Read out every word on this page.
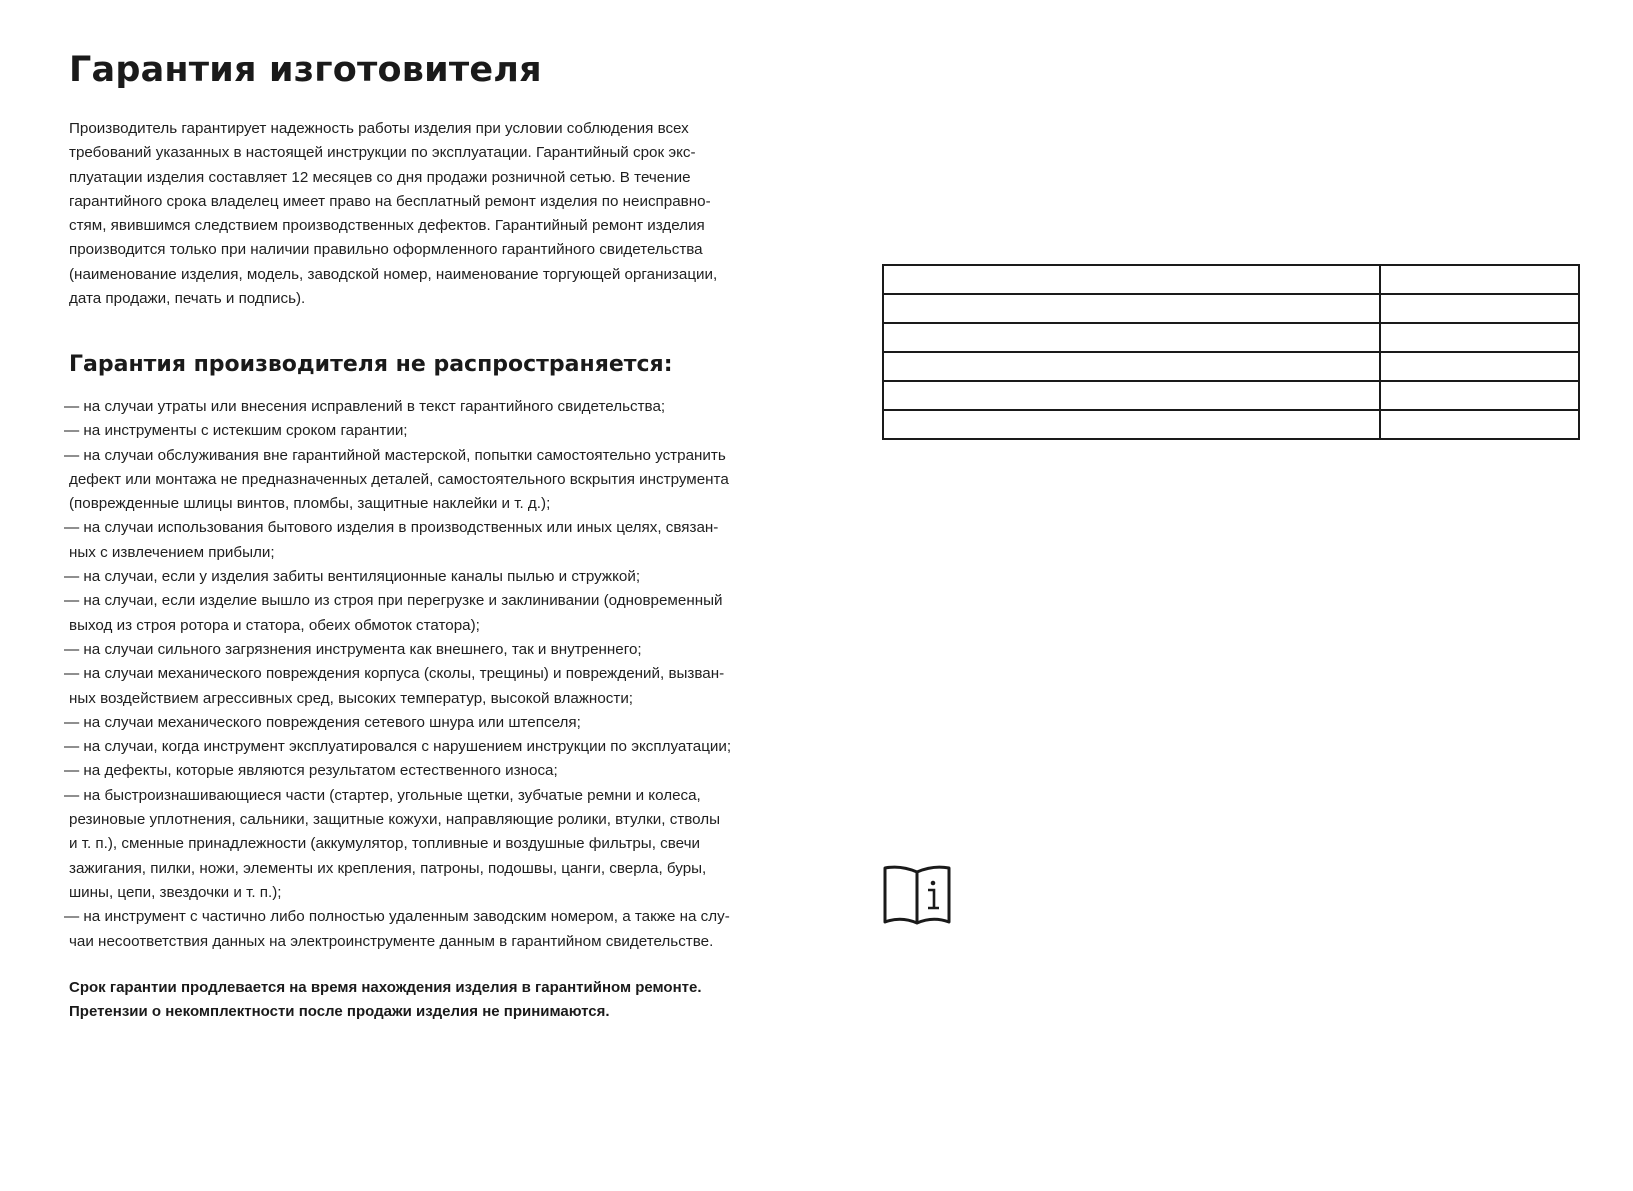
Гарантия изготовителя
Производитель гарантирует надежность работы изделия при условии соблюдения всех
требований указанных в настоящей инструкции по эксплуатации. Гарантийный срок экс-
плуатации изделия составляет 12 месяцев со дня продажи розничной сетью. В течение
гарантийного срока владелец имеет право на бесплатный ремонт изделия по неисправно-
стям, явившимся следствием производственных дефектов. Гарантийный ремонт изделия
производится только при наличии правильно оформленного гарантийного свидетельства
(наименование изделия, модель, заводской номер, наименование торгующей организации,
дата продажи, печать и подпись).
Гарантия производителя не распространяется:
— на случаи утраты или внесения исправлений в текст гарантийного свидетельства;
— на инструменты с истекшим сроком гарантии;
— на случаи обслуживания вне гарантийной мастерской, попытки самостоятельно устранить
дефект или монтажа не предназначенных деталей, самостоятельного вскрытия инструмента
(поврежденные шлицы винтов, пломбы, защитные наклейки и т. д.);
— на случаи использования бытового изделия в производственных или иных целях, связан-
ных с извлечением прибыли;
— на случаи, если у изделия забиты вентиляционные каналы пылью и стружкой;
— на случаи, если изделие вышло из строя при перегрузке и заклинивании (одновременный
выход из строя ротора и статора, обеих обмоток статора);
— на случаи сильного загрязнения инструмента как внешнего, так и внутреннего;
— на случаи механического повреждения корпуса (сколы, трещины) и повреждений, вызван-
ных воздействием агрессивных сред, высоких температур, высокой влажности;
— на случаи механического повреждения сетевого шнура или штепселя;
— на случаи, когда инструмент эксплуатировался с нарушением инструкции по эксплуатации;
— на дефекты, которые являются результатом естественного износа;
— на быстроизнашивающиеся части (стартер, угольные щетки, зубчатые ремни и колеса,
резиновые уплотнения, сальники, защитные кожухи, направляющие ролики, втулки, стволы
и т. п.), сменные принадлежности (аккумулятор, топливные и воздушные фильтры, свечи
зажигания, пилки, ножи, элементы их крепления, патроны, подошвы, цанги, сверла, буры,
шины, цепи, звездочки и т. п.);
— на инструмент с частично либо полностью удаленным заводским номером, а также на слу-
чаи несоответствия данных на электроинструменте данным в гарантийном свидетельстве.
Срок гарантии продлевается на время нахождения изделия в гарантийном ремонте.
Претензии о некомплектности после продажи изделия не принимаются.
